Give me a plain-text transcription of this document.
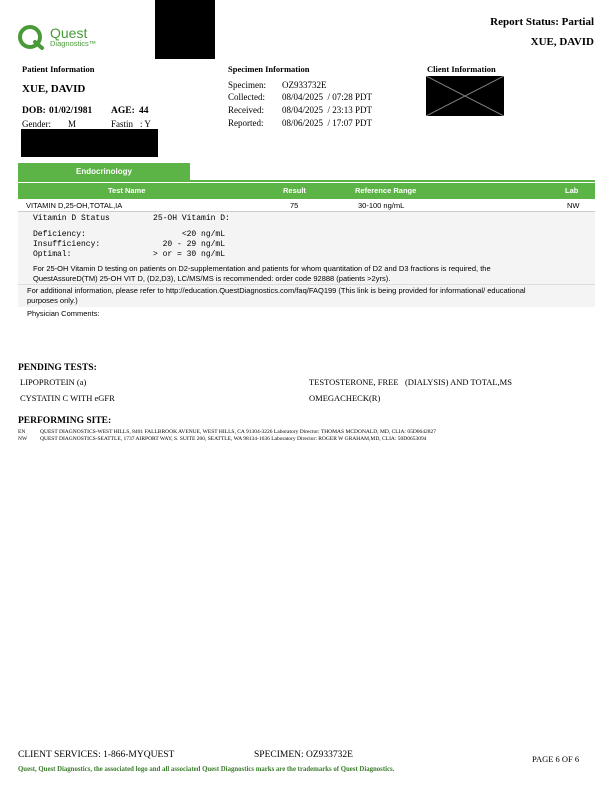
Quest
Diagnostics™
Report Status: Partial
XUE, DAVID
Patient Information
XUE, DAVID
DOB: 01/02/1981 AGE: 44
Gender: M	Fastin : Y
Specimen Information
Specimen: OZ933732E
Collected: 08/04/2025  / 07:28 PDT
Received: 08/04/2025  / 23:13 PDT
Reported: 08/06/2025  / 17:07 PDT
Client Information
Endocrinology
Test Name	Result	Reference Range	Lab
VITAMIN D,25-OH,TOTAL,IA	75	30-100 ng/mL	NW
Vitamin D Status         25-OH Vitamin D:
Deficiency:                    <20 ng/mL
Insufficiency:             20 - 29 ng/mL
Optimal:                 > or = 30 ng/mL
For 25-OH Vitamin D testing on patients on D2-supplementation and patients for whom quantitation of D2 and D3 fractions is required, the
QuestAssureD(TM) 25-OH VIT D, (D2,D3), LC/MS/MS is recommended: order code 92888 (patients >2yrs).
For additional information, please refer to http://education.QuestDiagnostics.com/faq/FAQ199 (This link is being provided for informational/ educational
purposes only.)
Physician Comments:
PENDING TESTS:
LIPOPROTEIN (a)	TESTOSTERONE, FREE   (DIALYSIS) AND TOTAL,MS
CYSTATIN C WITH eGFR	OMEGACHECK(R)
PERFORMING SITE:
EN	QUEST DIAGNOSTICS-WEST HILLS, 8401 FALLBROOK AVENUE, WEST HILLS, CA 91304-3226 Laboratory Director: THOMAS MCDONALD, MD, CLIA: 05D0642827
NW QUEST DIAGNOSTICS-SEATTLE, 1737 AIRPORT WAY, S. SUITE 200, SEATTLE, WA 98134-1636 Laboratory Director: ROGER W GRAHAM,MD, CLIA: 50D0653094
CLIENT SERVICES: 1-866-MYQUEST	SPECIMEN: OZ933732E	PAGE 6 OF 6
Quest, Quest Diagnostics, the associated logo and all associated Quest Diagnostics marks are the trademarks of Quest Diagnostics.
